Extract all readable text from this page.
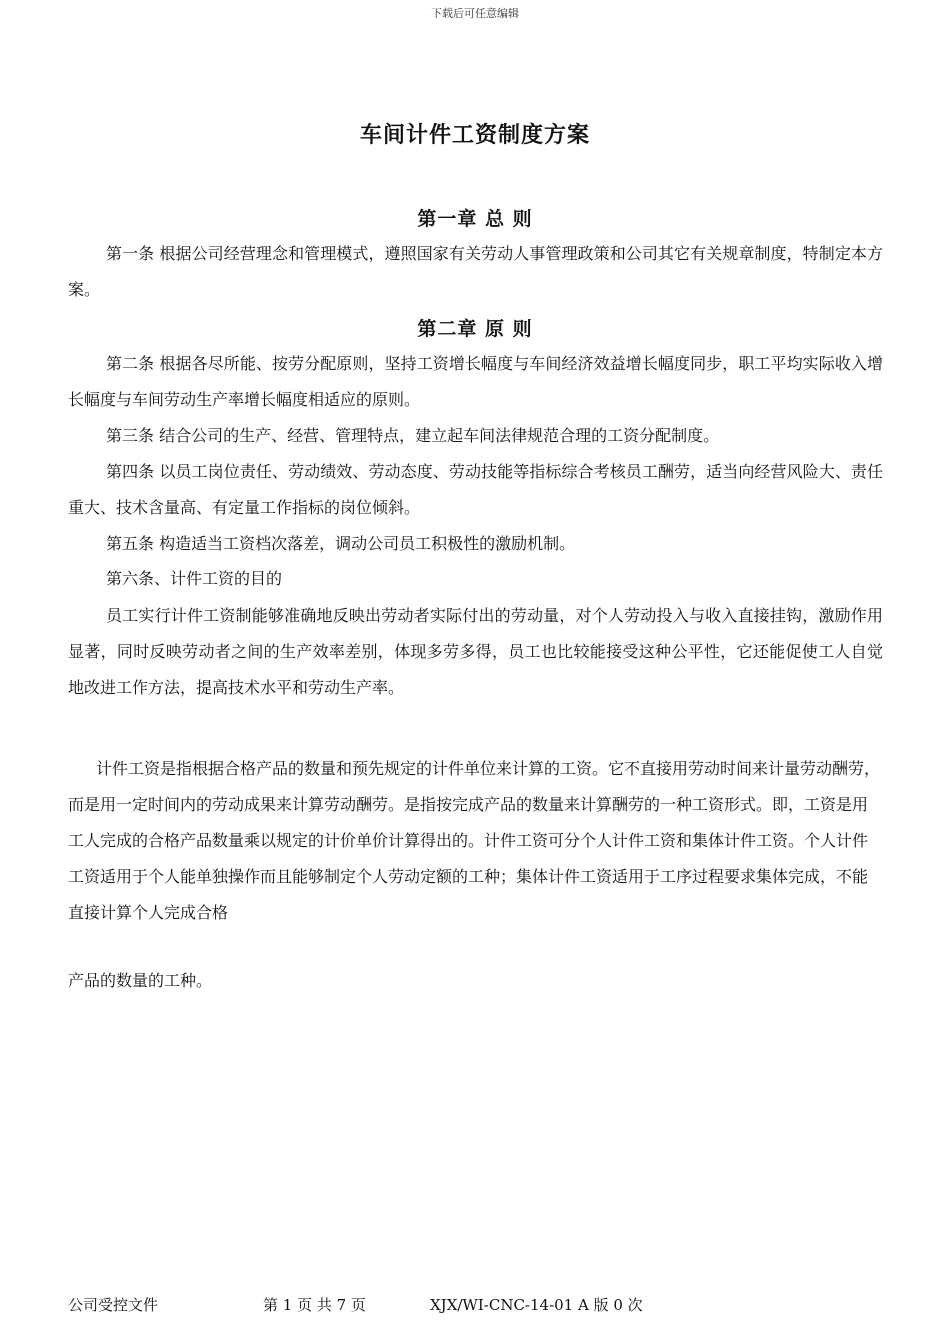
下载后可任意编辑
车间计件工资制度方案
第一章 总 则

第一条 根据公司经营理念和管理模式，遵照国家有关劳动人事管理政策和公司其它有关规章制度，特制定本方案。

第二章 原 则

第二条 根据各尽所能、按劳分配原则，坚持工资增长幅度与车间经济效益增长幅度同步，职工平均实际收入增长幅度与车间劳动生产率增长幅度相适应的原则。

第三条 结合公司的生产、经营、管理特点，建立起车间法律规范合理的工资分配制度。

第四条 以员工岗位责任、劳动绩效、劳动态度、劳动技能等指标综合考核员工酬劳，适当向经营风险大、责任重大、技术含量高、有定量工作指标的岗位倾斜。

第五条 构造适当工资档次落差，调动公司员工积极性的激励机制。

第六条、计件工资的目的

员工实行计件工资制能够准确地反映出劳动者实际付出的劳动量，对个人劳动投入与收入直接挂钩，激励作用显著，同时反映劳动者之间的生产效率差别，体现多劳多得，员工也比较能接受这种公平性，它还能促使工人自觉地改进工作方法，提高技术水平和劳动生产率。

计件工资是指根据合格产品的数量和预先规定的计件单位来计算的工资。它不直接用劳动时间来计量劳动酬劳，而是用一定时间内的劳动成果来计算劳动酬劳。是指按完成产品的数量来计算酬劳的一种工资形式。即，工资是用工人完成的合格产品数量乘以规定的计价单价计算得出的。计件工资可分个人计件工资和集体计件工资。个人计件工资适用于个人能单独操作而且能够制定个人劳动定额的工种；集体计件工资适用于工序过程要求集体完成，不能直接计算个人完成合格

产品的数量的工种。

公司受控文件	第 1 页 共 7 页	XJX/WI-CNC-14-01 A 版 0 次
